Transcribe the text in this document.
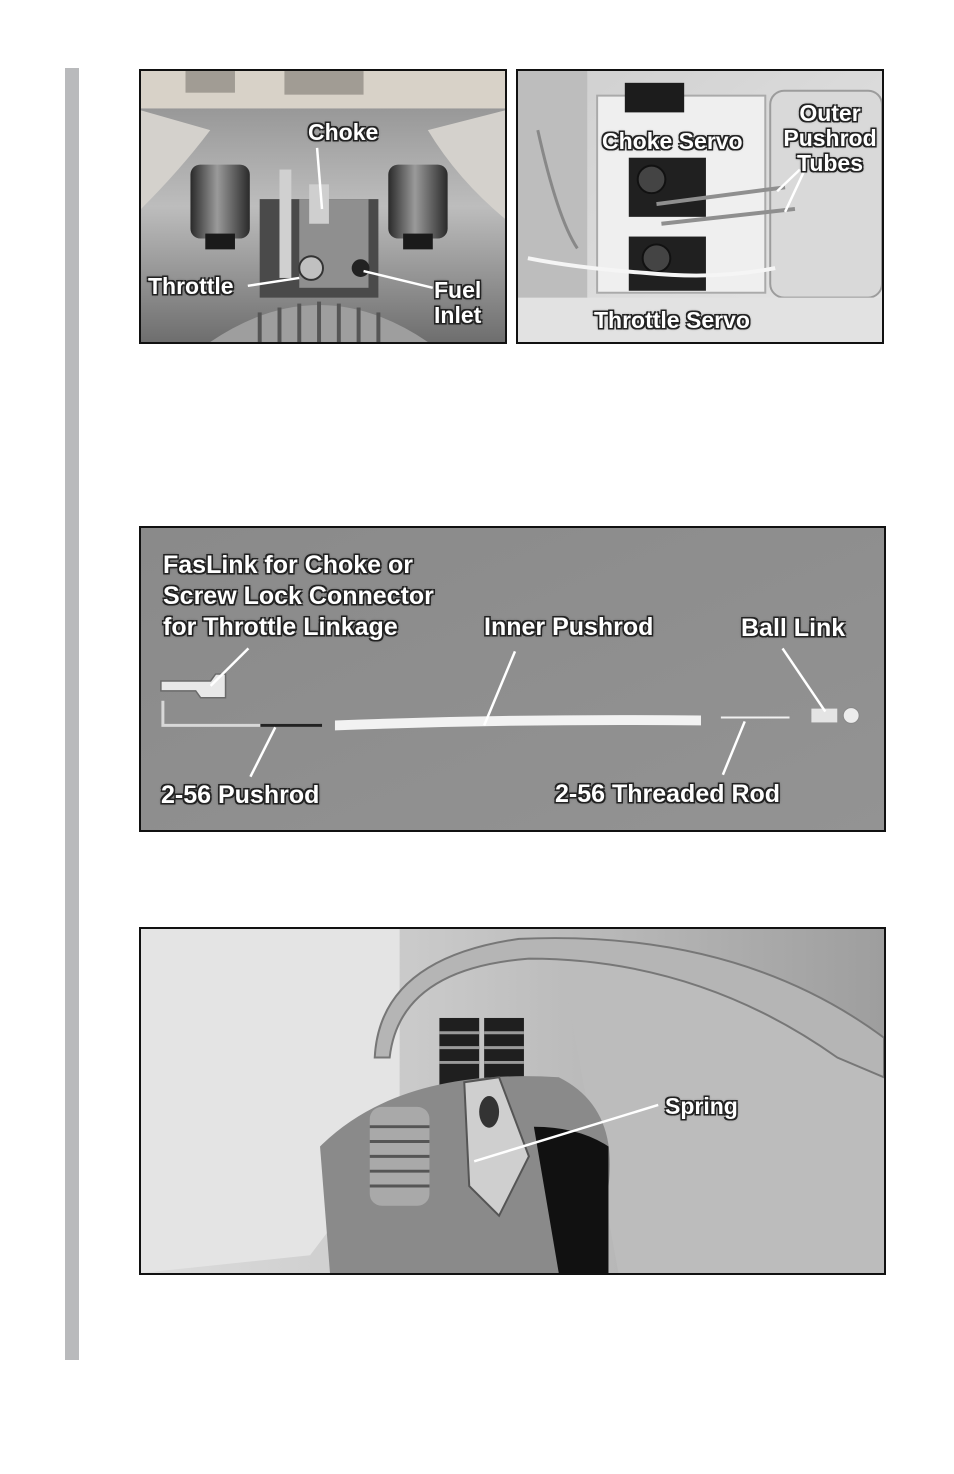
Choke
Throttle	Fuel
Inlet
Choke Servo
Outer
Pushrod
Tubes
Throttle Servo
FasLink for Choke or
Screw Lock Connector
for Throttle Linkage	Inner Pushrod	Ball Link
2-56 Pushrod	2-56 Threaded Rod
Spring
